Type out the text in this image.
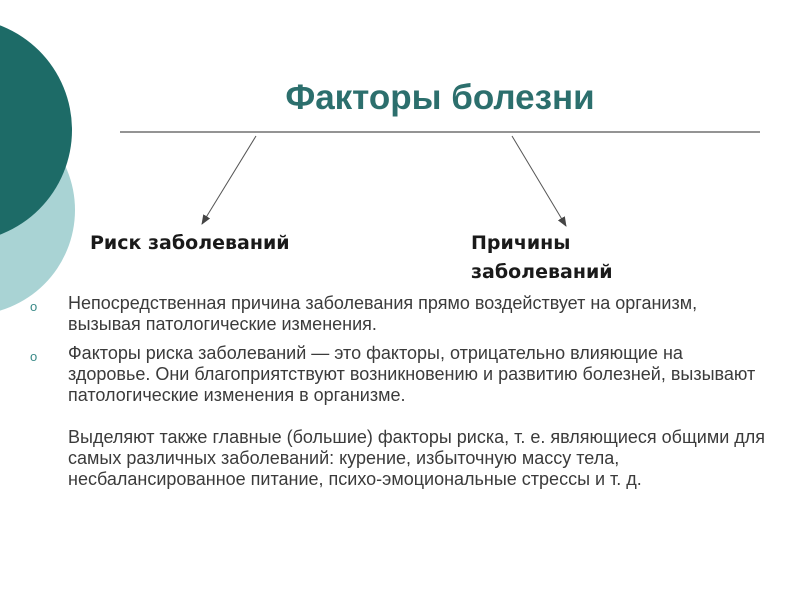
Факторы болезни
Риск заболеваний	Причины заболеваний
o Непосредственная причина заболевания прямо воздействует на организм, вызывая патологические изменения.
o Факторы риска заболеваний — это факторы, отрицательно влияющие на здоровье. Они благоприятствуют возникновению и развитию болезней, вызывают патологические изменения в организме.
Выделяют также главные (большие) факторы риска, т. е. являющиеся общими для самых различных заболеваний: курение, избыточную массу тела, несбалансированное питание, психо-эмоциональные стрессы и т. д.
